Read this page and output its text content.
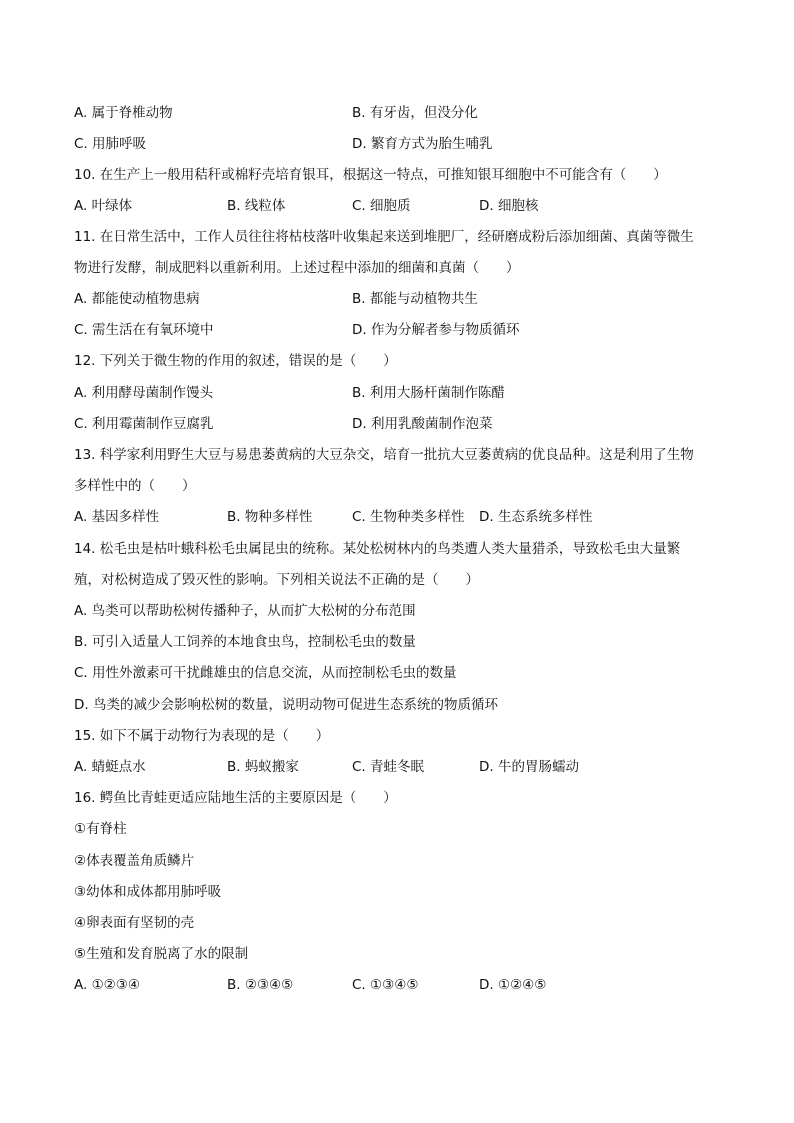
A. 属于脊椎动物	B. 有牙齿，但没分化
C. 用肺呼吸	D. 繁育方式为胎生哺乳
10. 在生产上一般用秸秆或棉籽壳培育银耳，根据这一特点，可推知银耳细胞中不可能含有（　　）
A. 叶绿体	B. 线粒体	C. 细胞质	D. 细胞核
11. 在日常生活中，工作人员往往将枯枝落叶收集起来送到堆肥厂，经研磨成粉后添加细菌、真菌等微生
物进行发酵，制成肥料以重新利用。上述过程中添加的细菌和真菌（　　）
A. 都能使动植物患病	B. 都能与动植物共生
C. 需生活在有氧环境中	D. 作为分解者参与物质循环
12. 下列关于微生物的作用的叙述，错误的是（　　）
A. 利用酵母菌制作馒头	B. 利用大肠杆菌制作陈醋
C. 利用霉菌制作豆腐乳	D. 利用乳酸菌制作泡菜
13. 科学家利用野生大豆与易患萎黄病的大豆杂交，培育一批抗大豆萎黄病的优良品种。这是利用了生物
多样性中的（　　）
A. 基因多样性	B. 物种多样性	C. 生物种类多样性 D. 生态系统多样性
14. 松毛虫是枯叶蛾科松毛虫属昆虫的统称。某处松树林内的鸟类遭人类大量猎杀，导致松毛虫大量繁
殖，对松树造成了毁灭性的影响。下列相关说法不正确的是（　　）
A. 鸟类可以帮助松树传播种子，从而扩大松树的分布范围
B. 可引入适量人工饲养的本地食虫鸟，控制松毛虫的数量
C. 用性外激素可干扰雌雄虫的信息交流，从而控制松毛虫的数量
D. 鸟类的减少会影响松树的数量，说明动物可促进生态系统的物质循环
15. 如下不属于动物行为表现的是（　　）
A. 蜻蜓点水	B. 蚂蚁搬家	C. 青蛙冬眠	D. 牛的胃肠蠕动
16. 鳄鱼比青蛙更适应陆地生活的主要原因是（　　）
①有脊柱
②体表覆盖角质鳞片
③幼体和成体都用肺呼吸
④卵表面有坚韧的壳
⑤生殖和发育脱离了水的限制
A. ①②③④	B. ②③④⑤	C. ①③④⑤	D. ①②④⑤
